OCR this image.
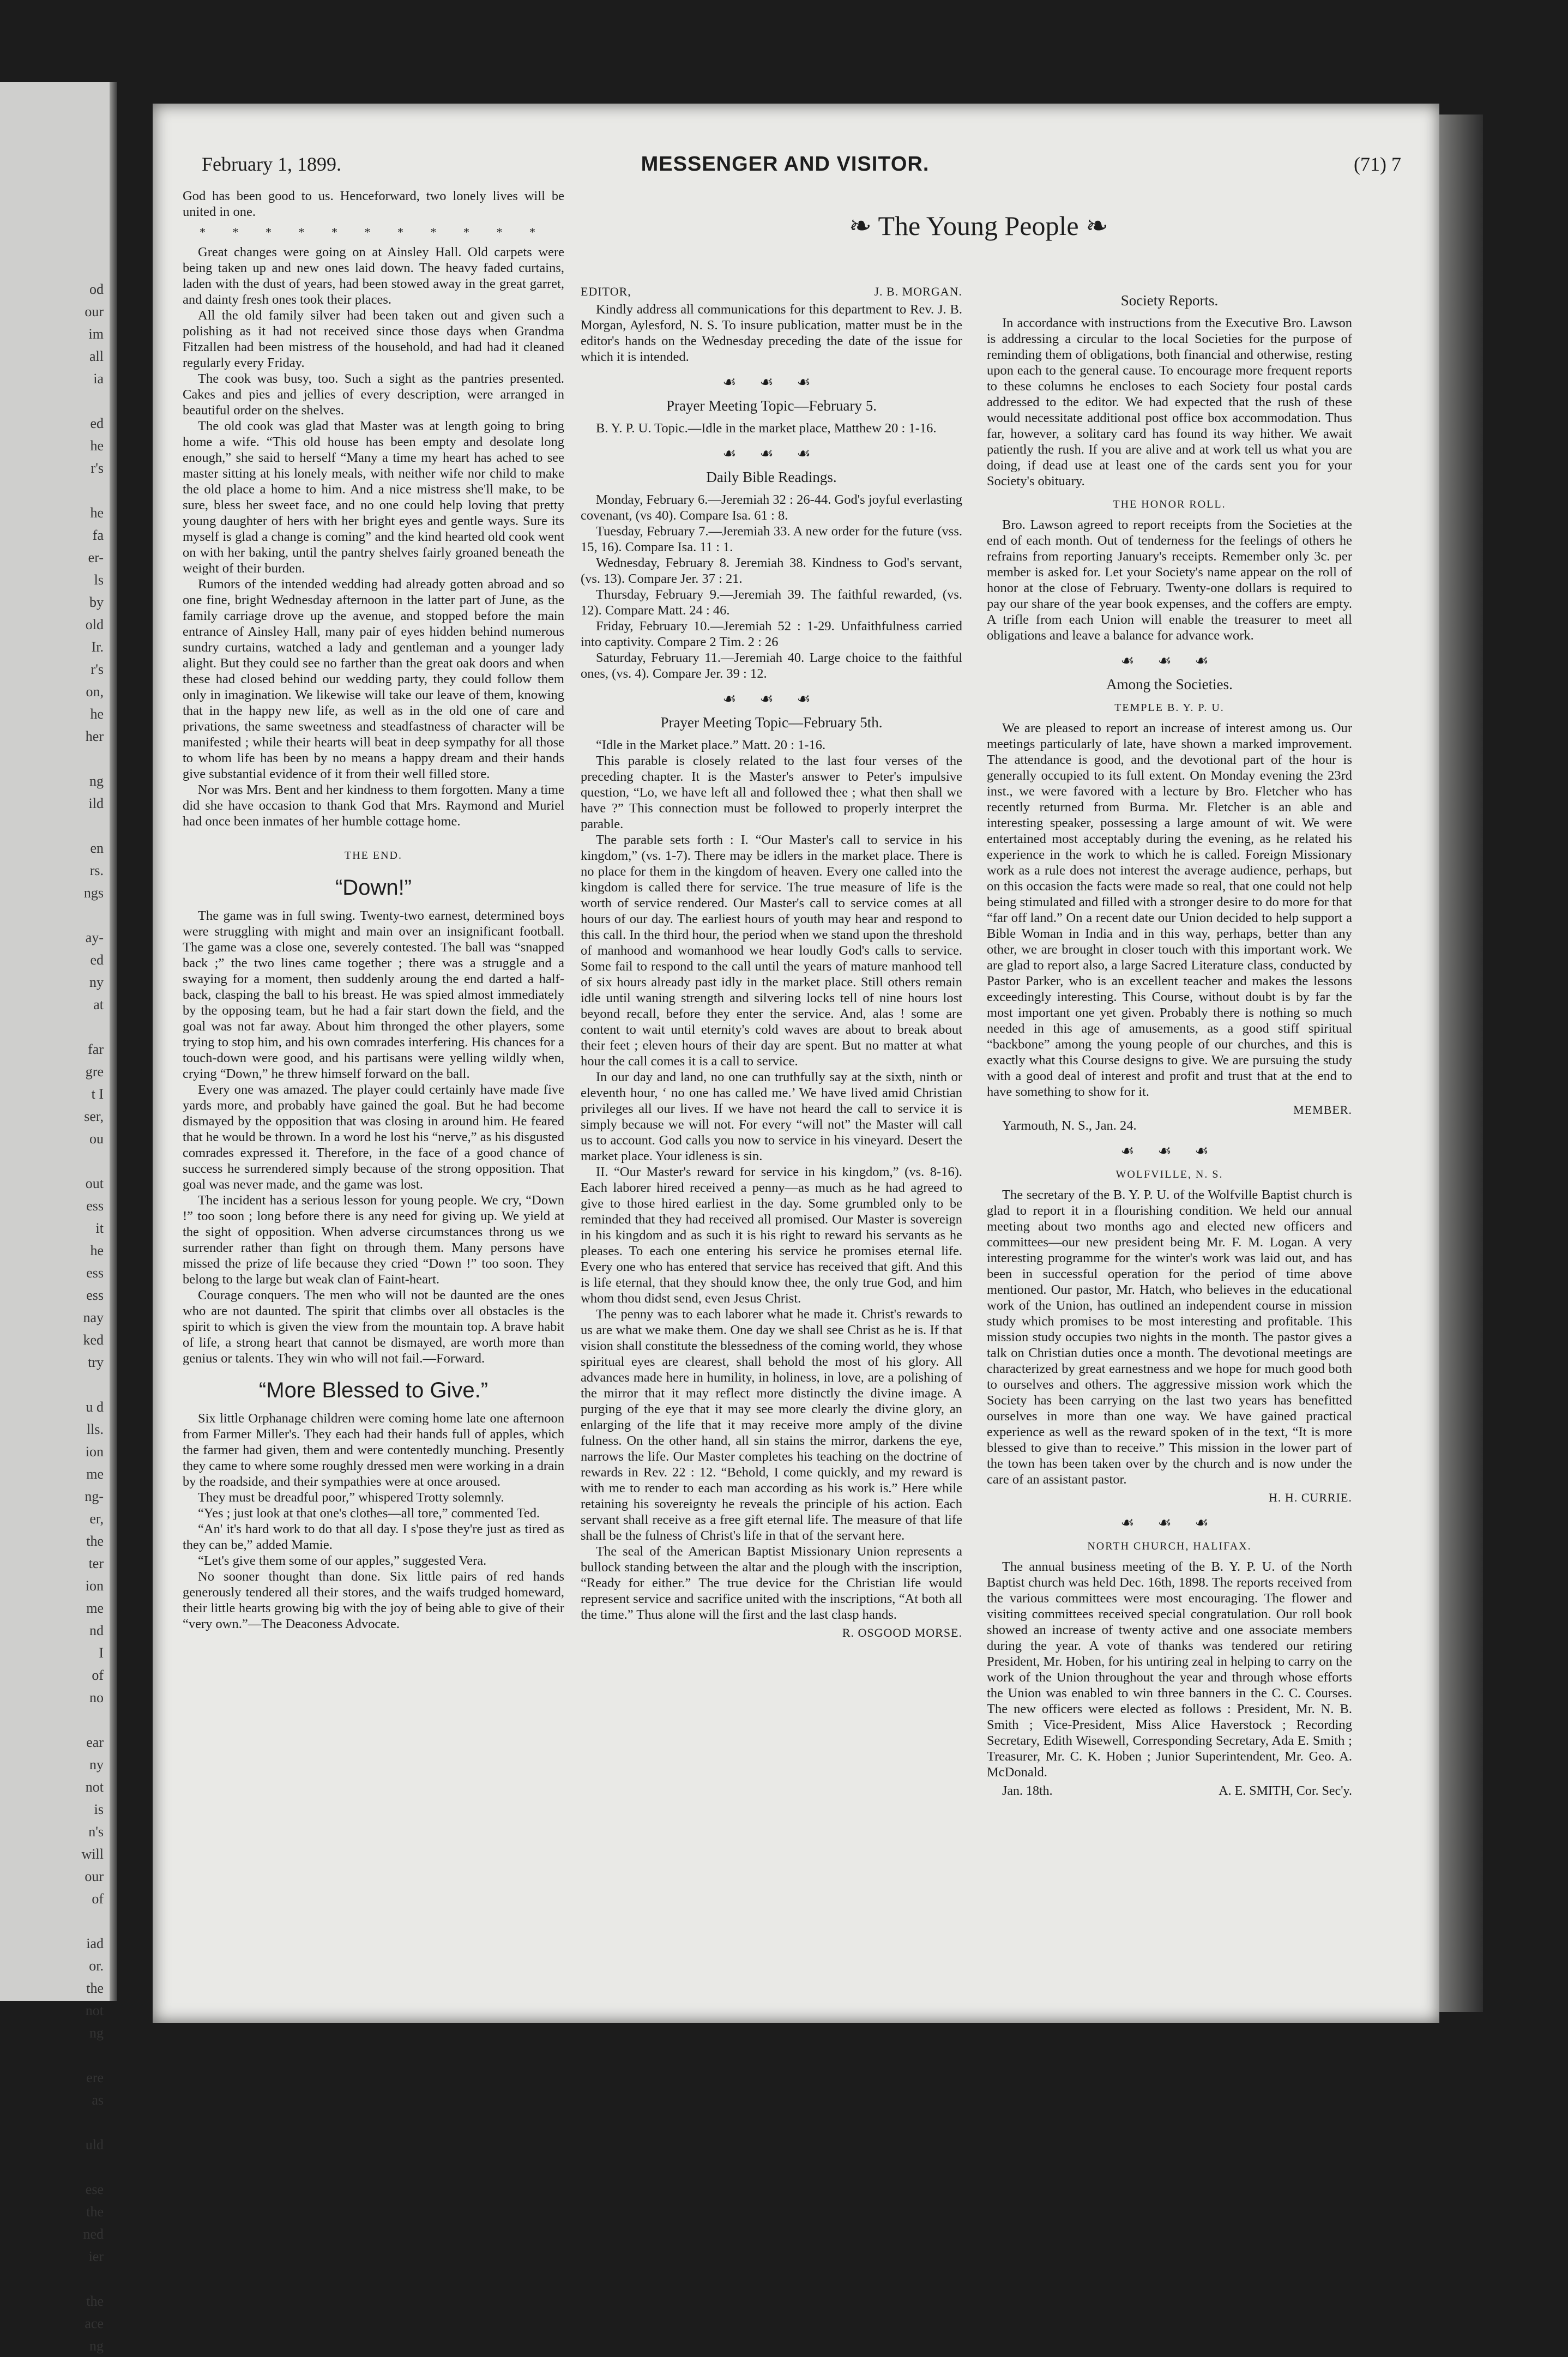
od
our
im
all
ia
ed
he
r's
he
fa
er-
ls
by
old
Ir.
r's
on,
he
her
ng
ild
en
rs.
ngs
ay-
ed
ny
at
far
gre
t I
ser,
ou
out
ess
it
he
ess
ess
nay
ked
try
u d
lls.
ion
me
ng-
er,
the
ter
ion
me
nd
I
of
no
ear
ny
not
is
n's
will
our
of
iad
or.
the
not
ng
ere
as
uld
ese
the
ned
ier
the
ace
ng
February 1, 1899.	MESSENGER AND VISITOR.	(71) 7

God has been good to us. Henceforward, two lonely lives will be united in one.

* * * * * * * * * * *

Great changes were going on at Ainsley Hall. Old carpets were being taken up and new ones laid down. The heavy faded curtains, laden with the dust of years, had been stowed away in the great garret, and dainty fresh ones took their places.

All the old family silver had been taken out and given such a polishing as it had not received since those days when Grandma Fitzallen had been mistress of the household, and had had it cleaned regularly every Friday.

The cook was busy, too. Such a sight as the pantries presented. Cakes and pies and jellies of every description, were arranged in beautiful order on the shelves.

The old cook was glad that Master was at length going to bring home a wife. “This old house has been empty and desolate long enough,” she said to herself “Many a time my heart has ached to see master sitting at his lonely meals, with neither wife nor child to make the old place a home to him. And a nice mistress she'll make, to be sure, bless her sweet face, and no one could help loving that pretty young daughter of hers with her bright eyes and gentle ways. Sure its myself is glad a change is coming” and the kind hearted old cook went on with her baking, until the pantry shelves fairly groaned beneath the weight of their burden.

Rumors of the intended wedding had already gotten abroad and so one fine, bright Wednesday afternoon in the latter part of June, as the family carriage drove up the avenue, and stopped before the main entrance of Ainsley Hall, many pair of eyes hidden behind numerous sundry curtains, watched a lady and gentleman and a younger lady alight. But they could see no farther than the great oak doors and when these had closed behind our wedding party, they could follow them only in imagination. We likewise will take our leave of them, knowing that in the happy new life, as well as in the old one of care and privations, the same sweetness and steadfastness of character will be manifested ; while their hearts will beat in deep sympathy for all those to whom life has been by no means a happy dream and their hands give substantial evidence of it from their well filled store.

Nor was Mrs. Bent and her kindness to them forgotten. Many a time did she have occasion to thank God that Mrs. Raymond and Muriel had once been inmates of her humble cottage home.

THE END.
“Down!”

The game was in full swing. Twenty-two earnest, determined boys were struggling with might and main over an insignificant football. The game was a close one, severely contested. The ball was “snapped back ;” the two lines came together ; there was a struggle and a swaying for a moment, then suddenly aroung the end darted a half-back, clasping the ball to his breast. He was spied almost immediately by the opposing team, but he had a fair start down the field, and the goal was not far away. About him thronged the other players, some trying to stop him, and his own comrades interfering. His chances for a touch-down were good, and his partisans were yelling wildly when, crying “Down,” he threw himself forward on the ball.

Every one was amazed. The player could certainly have made five yards more, and probably have gained the goal. But he had become dismayed by the opposition that was closing in around him. He feared that he would be thrown. In a word he lost his “nerve,” as his disgusted comrades expressed it. Therefore, in the face of a good chance of success he surrendered simply because of the strong opposition. That goal was never made, and the game was lost.

The incident has a serious lesson for young people. We cry, “Down !” too soon ; long before there is any need for giving up. We yield at the sight of opposition. When adverse circumstances throng us we surrender rather than fight on through them. Many persons have missed the prize of life because they cried “Down !” too soon. They belong to the large but weak clan of Faint-heart.

Courage conquers. The men who will not be daunted are the ones who are not daunted. The spirit that climbs over all obstacles is the spirit to which is given the view from the mountain top. A brave habit of life, a strong heart that cannot be dismayed, are worth more than genius or talents. They win who will not fail.—Forward.

“More Blessed to Give.”

Six little Orphanage children were coming home late one afternoon from Farmer Miller's. They each had their hands full of apples, which the farmer had given, them and were contentedly munching. Presently they came to where some roughly dressed men were working in a drain by the roadside, and their sympathies were at once aroused.

They must be dreadful poor,” whispered Trotty solemnly.

“Yes ; just look at that one's clothes—all tore,” commented Ted.

“An' it's hard work to do that all day. I s'pose they're just as tired as they can be,” added Mamie.

“Let's give them some of our apples,” suggested Vera.

No sooner thought than done. Six little pairs of red hands generously tendered all their stores, and the waifs trudged homeward, their little hearts growing big with the joy of being able to give of their “very own.”—The Deaconess Advocate.

❧ The Young People ❧
EDITOR,	J. B. MORGAN.

Kindly address all communications for this department to Rev. J. B. Morgan, Aylesford, N. S. To insure publication, matter must be in the editor's hands on the Wednesday preceding the date of the issue for which it is intended.

☙ ☙ ☙
Prayer Meeting Topic—February 5.

B. Y. P. U. Topic.—Idle in the market place, Matthew 20 : 1-16.

☙ ☙ ☙
Daily Bible Readings.

Monday, February 6.—Jeremiah 32 : 26-44. God's joyful everlasting covenant, (vs 40). Compare Isa. 61 : 8.

Tuesday, February 7.—Jeremiah 33. A new order for the future (vss. 15, 16). Compare Isa. 11 : 1.

Wednesday, February 8. Jeremiah 38. Kindness to God's servant, (vs. 13). Compare Jer. 37 : 21.

Thursday, February 9.—Jeremiah 39. The faithful rewarded, (vs. 12). Compare Matt. 24 : 46.

Friday, February 10.—Jeremiah 52 : 1-29. Unfaithfulness carried into captivity. Compare 2 Tim. 2 : 26

Saturday, February 11.—Jeremiah 40. Large choice to the faithful ones, (vs. 4). Compare Jer. 39 : 12.

☙ ☙ ☙
Prayer Meeting Topic—February 5th.

“Idle in the Market place.” Matt. 20 : 1-16.

This parable is closely related to the last four verses of the preceding chapter. It is the Master's answer to Peter's impulsive question, “Lo, we have left all and followed thee ; what then shall we have ?” This connection must be followed to properly interpret the parable.

The parable sets forth : I. “Our Master's call to service in his kingdom,” (vs. 1-7). There may be idlers in the market place. There is no place for them in the kingdom of heaven. Every one called into the kingdom is called there for service. The true measure of life is the worth of service rendered. Our Master's call to service comes at all hours of our day. The earliest hours of youth may hear and respond to this call. In the third hour, the period when we stand upon the threshold of manhood and womanhood we hear loudly God's calls to service. Some fail to respond to the call until the years of mature manhood tell of six hours already past idly in the market place. Still others remain idle until waning strength and silvering locks tell of nine hours lost beyond recall, before they enter the service. And, alas ! some are content to wait until eternity's cold waves are about to break about their feet ; eleven hours of their day are spent. But no matter at what hour the call comes it is a call to service.

In our day and land, no one can truthfully say at the sixth, ninth or eleventh hour, ‘ no one has called me.’ We have lived amid Christian privileges all our lives. If we have not heard the call to service it is simply because we will not. For every “will not” the Master will call us to account. God calls you now to service in his vineyard. Desert the market place. Your idleness is sin.

II. “Our Master's reward for service in his kingdom,” (vs. 8-16). Each laborer hired received a penny—as much as he had agreed to give to those hired earliest in the day. Some grumbled only to be reminded that they had received all promised. Our Master is sovereign in his kingdom and as such it is his right to reward his servants as he pleases. To each one entering his service he promises eternal life. Every one who has entered that service has received that gift. And this is life eternal, that they should know thee, the only true God, and him whom thou didst send, even Jesus Christ.

The penny was to each laborer what he made it. Christ's rewards to us are what we make them. One day we shall see Christ as he is. If that vision shall constitute the blessedness of the coming world, they whose spiritual eyes are clearest, shall behold the most of his glory. All advances made here in humility, in holiness, in love, are a polishing of the mirror that it may reflect more distinctly the divine image. A purging of the eye that it may see more clearly the divine glory, an enlarging of the life that it may receive more amply of the divine fulness. On the other hand, all sin stains the mirror, darkens the eye, narrows the life. Our Master completes his teaching on the doctrine of rewards in Rev. 22 : 12. “Behold, I come quickly, and my reward is with me to render to each man according as his work is.” Here while retaining his sovereignty he reveals the principle of his action. Each servant shall receive as a free gift eternal life. The measure of that life shall be the fulness of Christ's life in that of the servant here.

The seal of the American Baptist Missionary Union represents a bullock standing between the altar and the plough with the inscription, “Ready for either.” The true device for the Christian life would represent service and sacrifice united with the inscriptions, “At both all the time.” Thus alone will the first and the last clasp hands.

R. OSGOOD MORSE.
Society Reports.

In accordance with instructions from the Executive Bro. Lawson is addressing a circular to the local Societies for the purpose of reminding them of obligations, both financial and otherwise, resting upon each to the general cause. To encourage more frequent reports to these columns he encloses to each Society four postal cards addressed to the editor. We had expected that the rush of these would necessitate additional post office box accommodation. Thus far, however, a solitary card has found its way hither. We await patiently the rush. If you are alive and at work tell us what you are doing, if dead use at least one of the cards sent you for your Society's obituary.

THE HONOR ROLL.

Bro. Lawson agreed to report receipts from the Societies at the end of each month. Out of tenderness for the feelings of others he refrains from reporting January's receipts. Remember only 3c. per member is asked for. Let your Society's name appear on the roll of honor at the close of February. Twenty-one dollars is required to pay our share of the year book expenses, and the coffers are empty. A trifle from each Union will enable the treasurer to meet all obligations and leave a balance for advance work.

☙ ☙ ☙
Among the Societies.
TEMPLE B. Y. P. U.

We are pleased to report an increase of interest among us. Our meetings particularly of late, have shown a marked improvement. The attendance is good, and the devotional part of the hour is generally occupied to its full extent. On Monday evening the 23rd inst., we were favored with a lecture by Bro. Fletcher who has recently returned from Burma. Mr. Fletcher is an able and interesting speaker, possessing a large amount of wit. We were entertained most acceptably during the evening, as he related his experience in the work to which he is called. Foreign Missionary work as a rule does not interest the average audience, perhaps, but on this occasion the facts were made so real, that one could not help being stimulated and filled with a stronger desire to do more for that “far off land.” On a recent date our Union decided to help support a Bible Woman in India and in this way, perhaps, better than any other, we are brought in closer touch with this important work. We are glad to report also, a large Sacred Literature class, conducted by Pastor Parker, who is an excellent teacher and makes the lessons exceedingly interesting. This Course, without doubt is by far the most important one yet given. Probably there is nothing so much needed in this age of amusements, as a good stiff spiritual “backbone” among the young people of our churches, and this is exactly what this Course designs to give. We are pursuing the study with a good deal of interest and profit and trust that at the end to have something to show for it.

MEMBER.

Yarmouth, N. S., Jan. 24.

☙ ☙ ☙
WOLFVILLE, N. S.

The secretary of the B. Y. P. U. of the Wolfville Baptist church is glad to report it in a flourishing condition. We held our annual meeting about two months ago and elected new officers and committees—our new president being Mr. F. M. Logan. A very interesting programme for the winter's work was laid out, and has been in successful operation for the period of time above mentioned. Our pastor, Mr. Hatch, who believes in the educational work of the Union, has outlined an independent course in mission study which promises to be most interesting and profitable. This mission study occupies two nights in the month. The pastor gives a talk on Christian duties once a month. The devotional meetings are characterized by great earnestness and we hope for much good both to ourselves and others. The aggressive mission work which the Society has been carrying on the last two years has benefitted ourselves in more than one way. We have gained practical experience as well as the reward spoken of in the text, “It is more blessed to give than to receive.” This mission in the lower part of the town has been taken over by the church and is now under the care of an assistant pastor.

H. H. CURRIE.
☙ ☙ ☙
NORTH CHURCH, HALIFAX.

The annual business meeting of the B. Y. P. U. of the North Baptist church was held Dec. 16th, 1898. The reports received from the various committees were most encouraging. The flower and visiting committees received special congratulation. Our roll book showed an increase of twenty active and one associate members during the year. A vote of thanks was tendered our retiring President, Mr. Hoben, for his untiring zeal in helping to carry on the work of the Union throughout the year and through whose efforts the Union was enabled to win three banners in the C. C. Courses. The new officers were elected as follows : President, Mr. N. B. Smith ; Vice-President, Miss Alice Haverstock ; Recording Secretary, Edith Wisewell, Corresponding Secretary, Ada E. Smith ; Treasurer, Mr. C. K. Hoben ; Junior Superintendent, Mr. Geo. A. McDonald.

Jan. 18th.	A. E. SMITH, Cor. Sec'y.
